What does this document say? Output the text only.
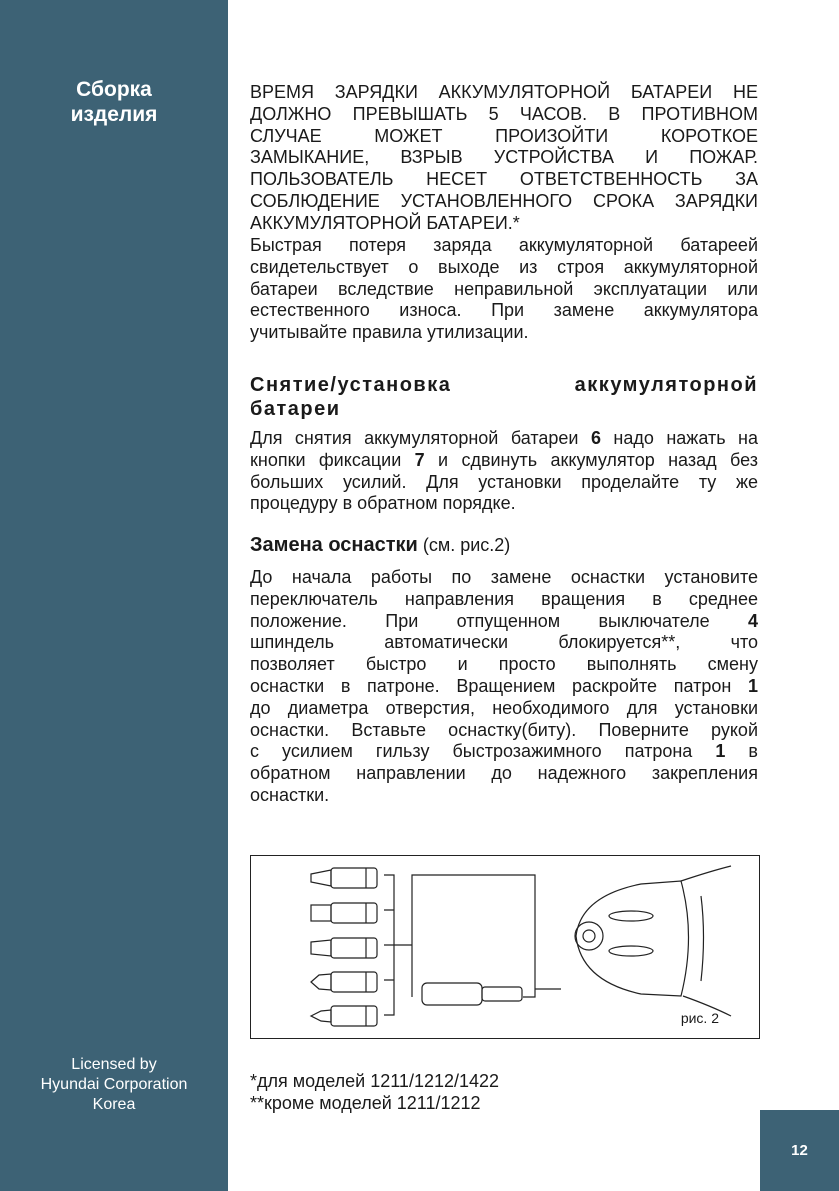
Сборка
изделия
Licensed by
Hyundai Corporation
Korea
ВРЕМЯ ЗАРЯДКИ АККУМУЛЯТОРНОЙ БАТАРЕИ НЕ
ДОЛЖНО ПРЕВЫШАТЬ 5 ЧАСОВ. В ПРОТИВНОМ
СЛУЧАЕ МОЖЕТ ПРОИЗОЙТИ КОРОТКОЕ
ЗАМЫКАНИЕ, ВЗРЫВ УСТРОЙСТВА И ПОЖАР.
ПОЛЬЗОВАТЕЛЬ НЕСЕТ ОТВЕТСТВЕННОСТЬ ЗА
СОБЛЮДЕНИЕ УСТАНОВЛЕННОГО СРОКА ЗАРЯДКИ
АККУМУЛЯТОРНОЙ БАТАРЕИ.*
Быстрая потеря заряда аккумуляторной батареей
свидетельствует о выходе из строя аккумуляторной
батареи вследствие неправильной эксплуатации или
естественного износа. При замене аккумулятора
учитывайте правила утилизации.
Снятие/установка аккумуляторной
батареи
Для снятия аккумуляторной батареи 6 надо нажать на
кнопки фиксации 7 и сдвинуть аккумулятор назад без
больших усилий. Для установки проделайте ту же
процедуру в обратном порядке.
Замена оснастки (см. рис.2)
До начала работы по замене оснастки установите
переключатель направления вращения в среднее
положение. При отпущенном выключателе 4
шпиндель автоматически блокируется**, что
позволяет быстро и просто выполнять смену
оснастки в патроне. Вращением раскройте патрон 1
до диаметра отверстия, необходимого для установки
оснастки. Вставьте оснастку(биту). Поверните рукой
с усилием гильзу быстрозажимного патрона 1 в
обратном направлении до надежного закрепления
оснастки.
рис. 2
*для моделей 1211/1212/1422
**кроме моделей 1211/1212
12
